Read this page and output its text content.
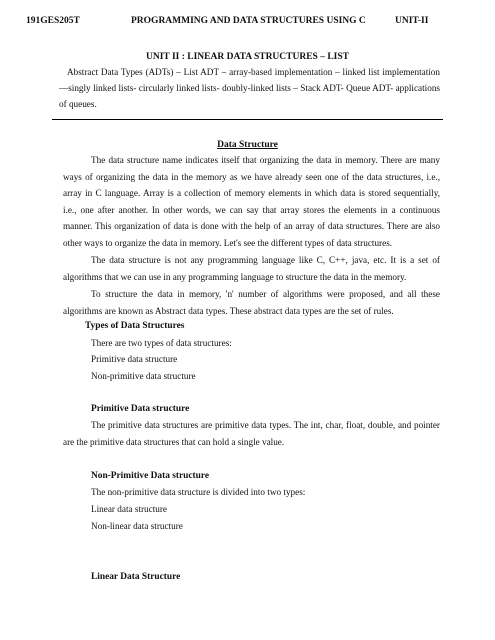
191GES205T	PROGRAMMING AND DATA STRUCTURES USING C	UNIT-II
UNIT II : LINEAR DATA STRUCTURES – LIST
Abstract Data Types (ADTs) – List ADT – array-based implementation – linked list implementation —singly linked lists- circularly linked lists- doubly-linked lists – Stack ADT- Queue ADT- applications of queues.
Data Structure

The data structure name indicates itself that organizing the data in memory. There are many ways of organizing the data in the memory as we have already seen one of the data structures, i.e., array in C language. Array is a collection of memory elements in which data is stored sequentially, i.e., one after another. In other words, we can say that array stores the elements in a continuous manner. This organization of data is done with the help of an array of data structures. There are also other ways to organize the data in memory. Let's see the different types of data structures.

The data structure is not any programming language like C, C++, java, etc. It is a set of algorithms that we can use in any programming language to structure the data in the memory.

To structure the data in memory, 'n' number of algorithms were proposed, and all these algorithms are known as Abstract data types. These abstract data types are the set of rules.

Types of Data Structures
There are two types of data structures:
Primitive data structure
Non-primitive data structure
Primitive Data structure

The primitive data structures are primitive data types. The int, char, float, double, and pointer are the primitive data structures that can hold a single value.

Non-Primitive Data structure

The non-primitive data structure is divided into two types:

Linear data structure
Non-linear data structure
Linear Data Structure
